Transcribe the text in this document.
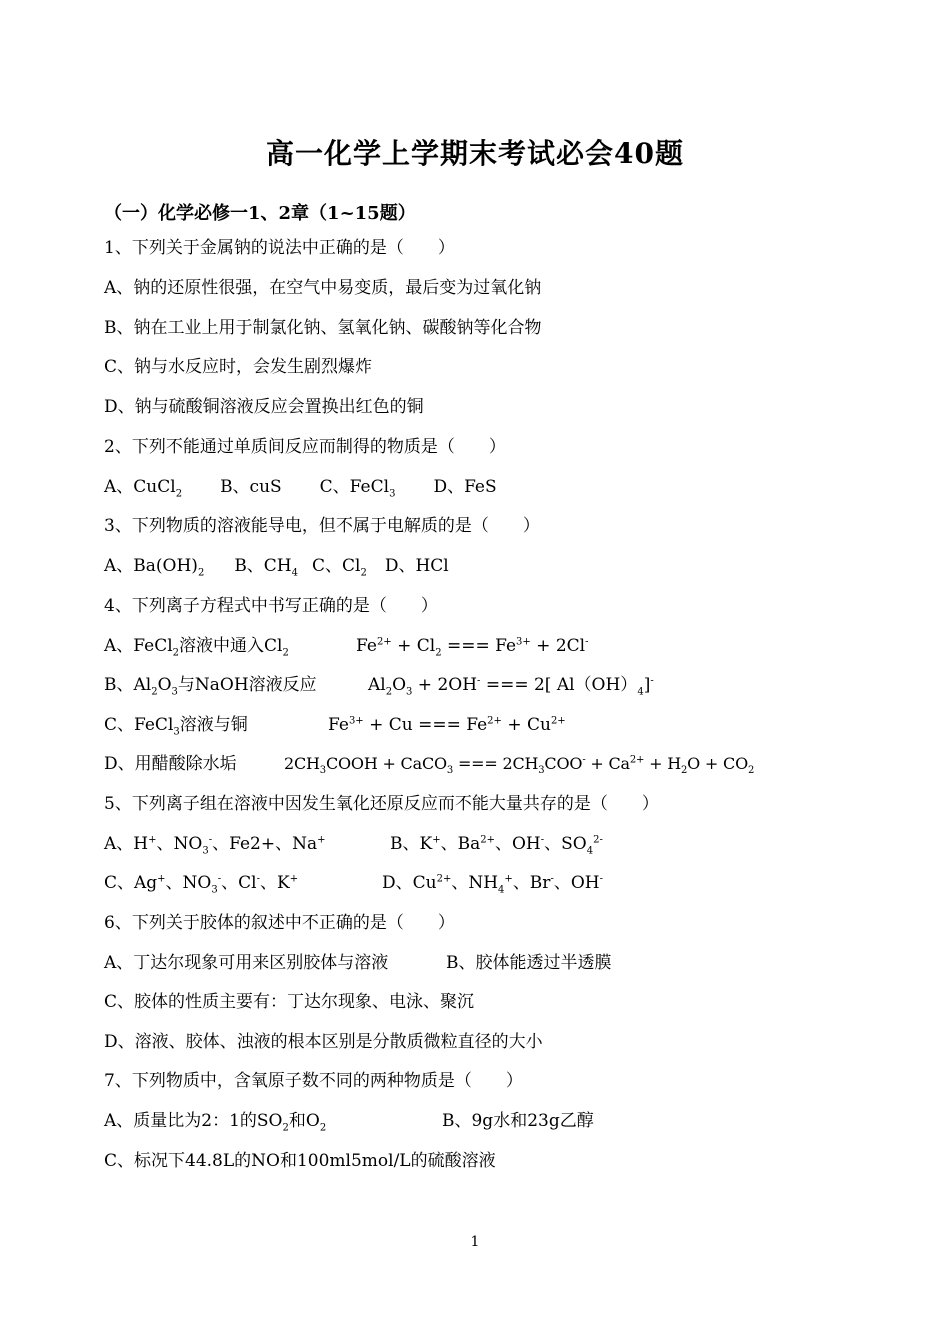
高一化学上学期末考试必会40题
（一）化学必修一1、2章（1~15题）
1、下列关于金属钠的说法中正确的是（　　）
A、钠的还原性很强，在空气中易变质，最后变为过氧化钠
B、钠在工业上用于制氯化钠、氢氧化钠、碳酸钠等化合物
C、钠与水反应时，会发生剧烈爆炸
D、钠与硫酸铜溶液反应会置换出红色的铜
2、下列不能通过单质间反应而制得的物质是（　　）
A、CuCl$_2$ B、cuS C、FeCl$_3$ D、FeS
3、下列物质的溶液能导电，但不属于电解质的是（　　）
A、$Ba(OH)_2$ B、$CH_4$ C、$Cl_2$ D、HCl
4、下列离子方程式中书写正确的是（　　）
A、FeCl$_2$溶液中通入$Cl_2$	$Fe^{2+} + Cl_2$ === $Fe^{3+} + 2Cl^-$
B、$Al_2O_3$与NaOH溶液反应	$Al_2O_3 + 2OH^-$ === 2[ $Al(OH)_4]^-$
C、FeCl$_3$溶液与铜	$Fe^{3+} + Cu$ === $Fe^{2+} + Cu^{2+}$
D、用醋酸除水垢	$2CH_3COOH$ + CaCO$_3$ === $2CH_3COO^- + Ca^{2+} + H_2O + CO_2$
5、下列离子组在溶液中因发生氧化还原反应而不能大量共存的是（　　）
A、H+、$NO_3^-$、Fe2+、Na+	B、K+、$Ba^{2+}$、OH-、$SO_4^{2-}$
C、Ag+、$NO_3^-$、Cl-、K+	D、$Cu^{2+}$、$NH_4^+$、Br-、OH-
6、下列关于胶体的叙述中不正确的是（　　）
A、丁达尔现象可用来区别胶体与溶液	B、胶体能透过半透膜
C、胶体的性质主要有：丁达尔现象、电泳、聚沉
D、溶液、胶体、浊液的根本区别是分散质微粒直径的大小
7、下列物质中，含氧原子数不同的两种物质是（　　）
A、质量比为2：1的$SO_2$和$O_2$	B、9g水和23g乙醇
C、标况下44.8L的NO和100ml5mol/L的硫酸溶液
1
